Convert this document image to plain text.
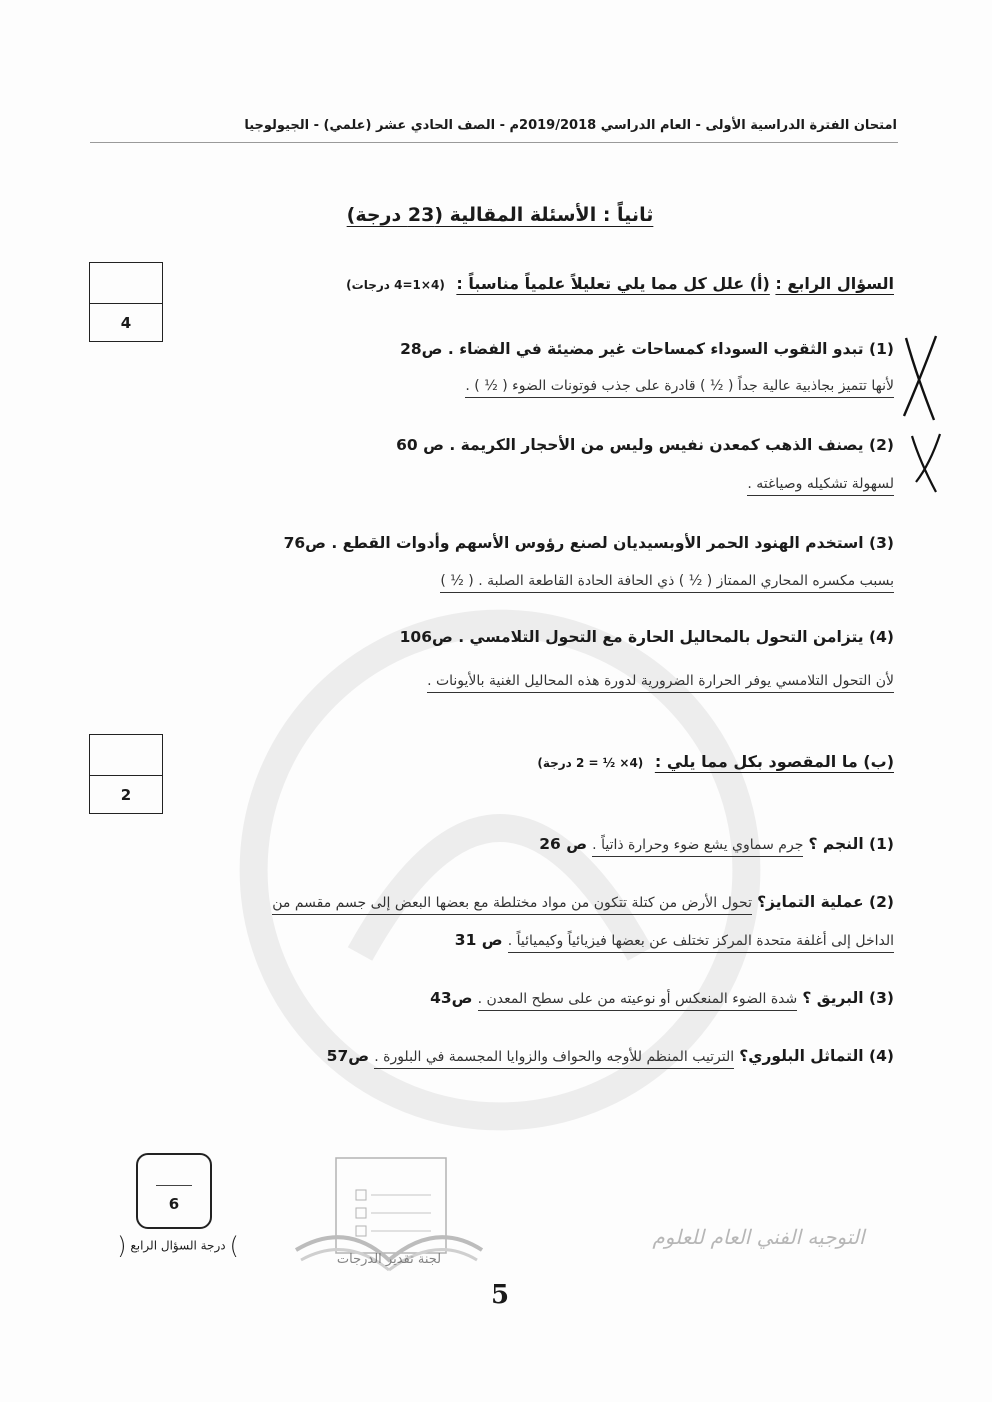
امتحان الفترة الدراسية الأولى - العام الدراسي 2019/2018م - الصف الحادي عشر (علمي) - الجيولوجيا
ثانياً : الأسئلة المقالية (23 درجة)
السؤال الرابع : (أ) علل كل مما يلي تعليلاً علمياً مناسباً : (4×1=4 درجات)
4
(1) تبدو الثقوب السوداء كمساحات غير مضيئة في الفضاء . ص28
لأنها تتميز بجاذبية عالية جداً ( ½ ) قادرة على جذب فوتونات الضوء ( ½ ) .
(2) يصنف الذهب كمعدن نفيس وليس من الأحجار الكريمة . ص 60
لسهولة تشكيله وصياغته .
(3) استخدم الهنود الحمر الأوبسيديان لصنع رؤوس الأسهم وأدوات القطع . ص76
بسبب مكسره المحاري الممتاز ( ½ ) ذي الحافة الحادة القاطعة الصلبة . ( ½ )
(4) يتزامن التحول بالمحاليل الحارة مع التحول التلامسي . ص106
لأن التحول التلامسي يوفر الحرارة الضرورية لدورة هذه المحاليل الغنية بالأيونات .
(ب) ما المقصود بكل مما يلي : (4× ½ = 2 درجة)
2
(1) النجم ؟ جرم سماوي يشع ضوء وحرارة ذاتياً . ص 26
(2) عملية التمايز؟ تحول الأرض من كتلة تتكون من مواد مختلطة مع بعضها البعض إلى جسم مقسم من
الداخل إلى أغلفة متحدة المركز تختلف عن بعضها فيزيائياً وكيميائياً . ص 31
(3) البريق ؟ شدة الضوء المنعكس أو نوعيته من على سطح المعدن . ص43
(4) التماثل البلوري؟ الترتيب المنظم للأوجه والحواف والزوايا المجسمة في البلورة . ص57
6
) درجة السؤال الرابع (	لجنة تقدير الدرجات
التوجيه الفني العام للعلوم
5
